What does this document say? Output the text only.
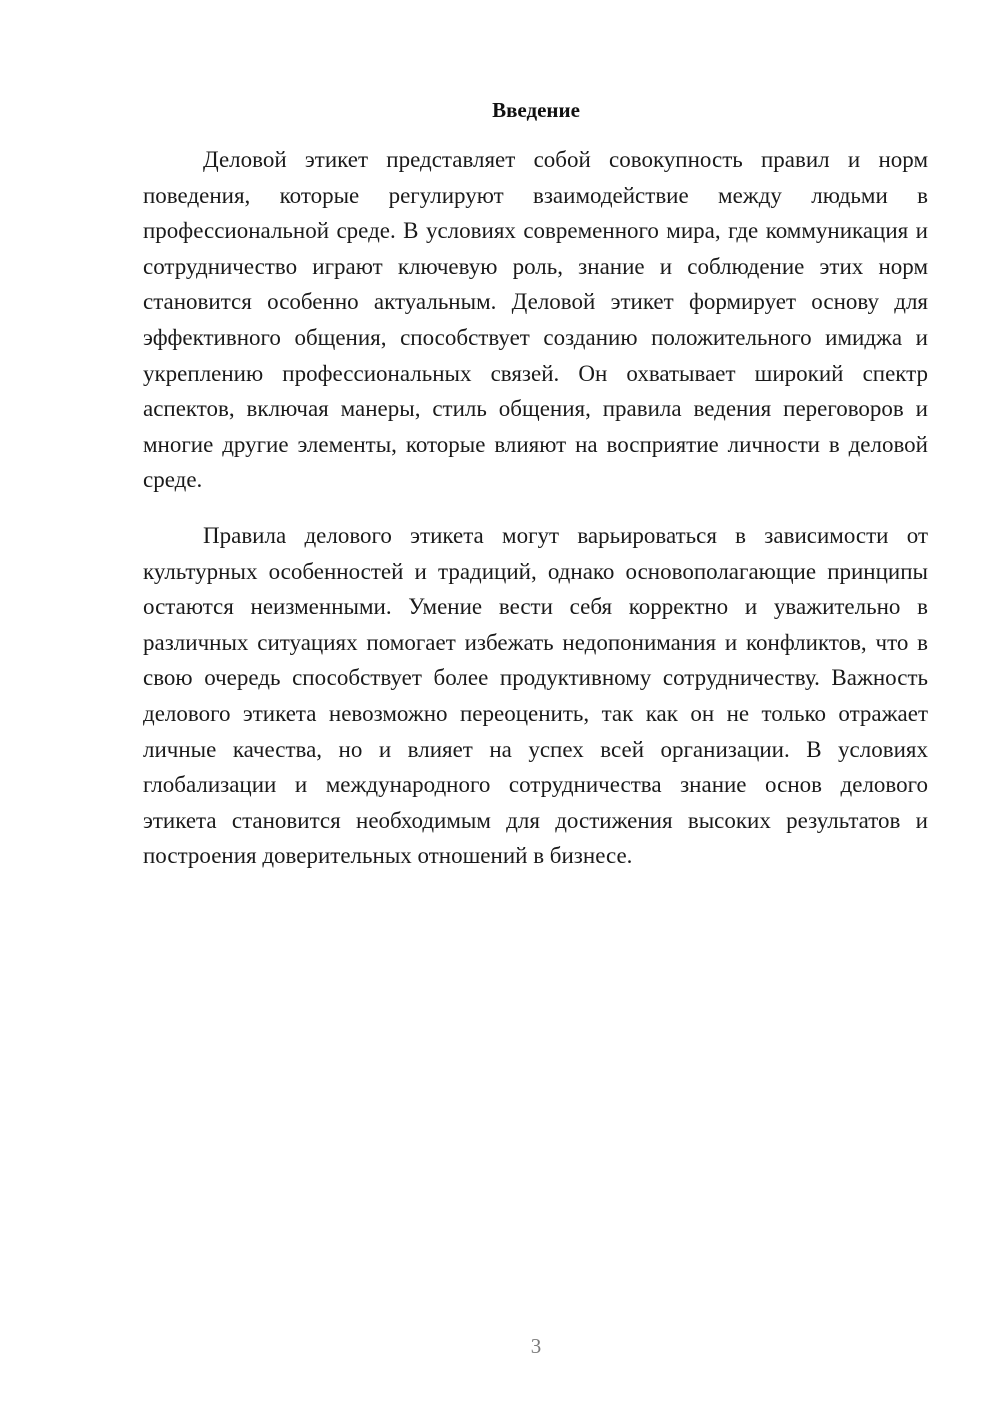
Введение

Деловой этикет представляет собой совокупность правил и норм поведения, которые регулируют взаимодействие между людьми в профессиональной среде. В условиях современного мира, где коммуникация и сотрудничество играют ключевую роль, знание и соблюдение этих норм становится особенно актуальным. Деловой этикет формирует основу для эффективного общения, способствует созданию положительного имиджа и укреплению профессиональных связей. Он охватывает широкий спектр аспектов, включая манеры, стиль общения, правила ведения переговоров и многие другие элементы, которые влияют на восприятие личности в деловой среде.

Правила делового этикета могут варьироваться в зависимости от культурных особенностей и традиций, однако основополагающие принципы остаются неизменными. Умение вести себя корректно и уважительно в различных ситуациях помогает избежать недопонимания и конфликтов, что в свою очередь способствует более продуктивному сотрудничеству. Важность делового этикета невозможно переоценить, так как он не только отражает личные качества, но и влияет на успех всей организации. В условиях глобализации и международного сотрудничества знание основ делового этикета становится необходимым для достижения высоких результатов и построения доверительных отношений в бизнесе.

3
